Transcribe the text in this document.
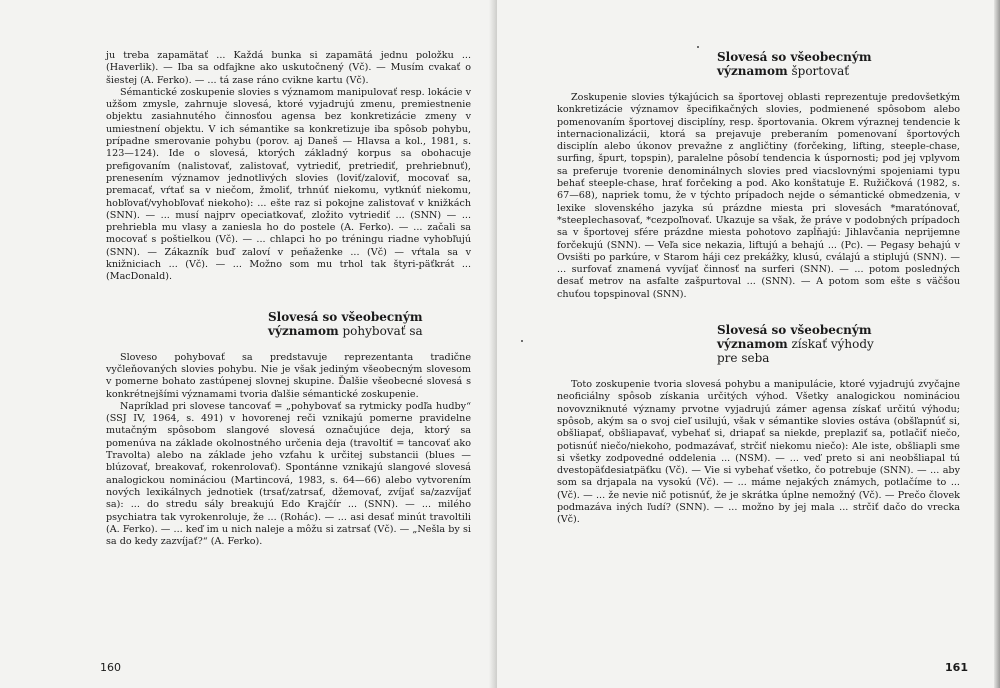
ju treba zapamätať ... Každá bunka si zapamätá jednu položku ... (Haverlik). — Iba sa odfajkne ako uskutočnený (Vč). — Musím cvakať o šiestej (A. Ferko). — ... tá zase ráno cvikne kartu (Vč).

Sémantické zoskupenie slovies s významom manipulovať resp. lokácie v užšom zmysle, zahrnuje slovesá, ktoré vyjadrujú zmenu, premiestnenie objektu zasiahnutého činnosťou agensa bez konkretizácie zmeny v umiestnení objektu. V ich sémantike sa konkretizuje iba spôsob pohybu, prípadne smerovanie pohybu (porov. aj Daneš — Hlavsa a kol., 1981, s. 123—124). Ide o slovesá, ktorých základný korpus sa obohacuje prefigovaním (nalistovať, zalistovať, vytriediť, pretriediť, prehriebnuť), prenesením významov jednotlivých slovies (loviť/zaloviť, mocovať sa, premacať, vŕtať sa v niečom, žmoliť, trhnúť niekomu, vytknúť niekomu, hobľovať/vyhobľovať niekoho): ... ešte raz si pokojne zalistovať v knižkách (SNN). — ... musí najprv opeciatkovať, zložito vytriediť ... (SNN) — ... prehriebla mu vlasy a zaniesla ho do postele (A. Ferko). — ... začali sa mocovať s poštielkou (Vč). — ... chlapci ho po tréningu riadne vyhobľujú (SNN). — Zákazník buď zaloví v peňaženke ... (Vč) — vŕtala sa v knižniciach ... (Vč). — ... Možno som mu trhol tak štyri-päťkrát ... (MacDonald).

Slovesá so všeobecným
významom pohybovať sa

Sloveso pohybovať sa predstavuje reprezentanta tradičnе vyčleňovaných slovies pohybu. Nie je však jediným všeobecným slovesom v pomerne bohato zastúpenej slovnej skupine. Ďalšie všeobecné slovesá s konkrétnejšími významami tvoria ďalšie sémantické zoskupenie.

Napríklad pri slovese tancovať = „pohybovať sa rytmicky podľa hudby“ (SSJ IV, 1964, s. 491) v hovorenej reči vznikajú pomerne pravidelne mutačným spôsobom slangové slovesá označujúce deja, ktorý sa pomenúva na základe okolnostného určenia deja (travoltiť = tancovať ako Travolta) alebo na základe jeho vzťahu k určitej substancii (blues — blúzovať, breakovať, rokenrolovať). Spontánne vznikajú slangové slovesá analogickou nomináciou (Martincová, 1983, s. 64—66) alebo vytvorením nových lexikálnych jednotiek (trsať/zatrsať, džemovať, zvíjať sa/zazvíjať sa): ... do stredu sály breakujú Edo Krajčír ... (SNN). — ... milého psychiatra tak vyrokenroluje, že ... (Rohác). — ... asi desať minút travoltili (A. Ferko). — ... keď im u nich naleje a môžu si zatrsať (Vč). — „Nešla by si sa do kedy zazvíjať?“ (A. Ferko).

160
Slovesá so všeobecným
významom športovať

Zoskupenie slovies týkajúcich sa športovej oblasti reprezentuje predovšetkým konkretizácie významov špecifikačných slovies, podmienené spôsobom alebo pomenovaním športovej disciplíny, resp. športovania. Okrem výraznej tendencie k internacionalizácii, ktorá sa prejavuje preberaním pomenovaní športových disciplín alebo úkonov prevažne z angličtiny (forčeking, lifting, steeple-chase, surfing, špurt, topspin), paralelne pôsobí tendencia k úspornosti; pod jej vplyvom sa preferuje tvorenie denominálnych slovies pred viacslovnými spojeniami typu behať steeple-chase, hrať forčeking a pod. Ako konštatuje E. Ružičková (1982, s. 67—68), napriek tomu, že v týchto prípadoch nejde o sémantické obmedzenia, v lexike slovenského jazyka sú prázdne miesta pri slovesách *maratónovať, *steeplechasovať, *cezpoľnovať. Ukazuje sa však, že práve v podobných prípadoch sa v športovej sfére prázdne miesta pohotovo zapĺňajú: Jihlavčania neprijemne forčekujú (SNN). — Veľa sice nekazia, liftujú a behajú ... (Pc). — Pegasy behajú v Ovsišti po parkúre, v Starom háji cez prekážky, klusú, cválajú a stiplujú (SNN). — ... surfovať znamená vyvíjať činnosť na surferi (SNN). — ... potom posledných desať metrov na asfalte zašpurtoval ... (SNN). — A potom som ešte s väčšou chuťou topspinoval (SNN).

Slovesá so všeobecným
významom získať výhody
pre seba

Toto zoskupenie tvoria slovesá pohybu a manipulácie, ktoré vyjadrujú zvyčajne neoficiálny spôsob získania určitých výhod. Všetky analogickou nomináciou novovzniknuté významy prvotne vyjadrujú zámer agensa získať určitú výhodu; spôsob, akým sa o svoj cieľ usilujú, však v sémantike slovies ostáva (obšľapnúť si, obšliapať, obšliapavať, vybehať si, driapať sa niekde, preplaziť sa, potlačiť niečo, potisnúť niečo/niekoho, podmazávať, strčiť niekomu niečo): Ale iste, obšliapli sme si všetky zodpovedné oddelenia ... (NSM). — ... veď preto si ani neobšliapal tú dvestopäťdesiatpäťku (Vč). — Vie si vybehať všetko, čo potrebuje (SNN). — ... aby som sa drjapala na vysokú (Vč). — ... máme nejakých známych, potlačíme to ... (Vč). — ... že nevie nič potisnúť, že je skrátka úplne nemožný (Vč). — Prečo človek podmazáva iných ľudí? (SNN). — ... možno by jej mala ... strčiť dačo do vrecka (Vč).

161
